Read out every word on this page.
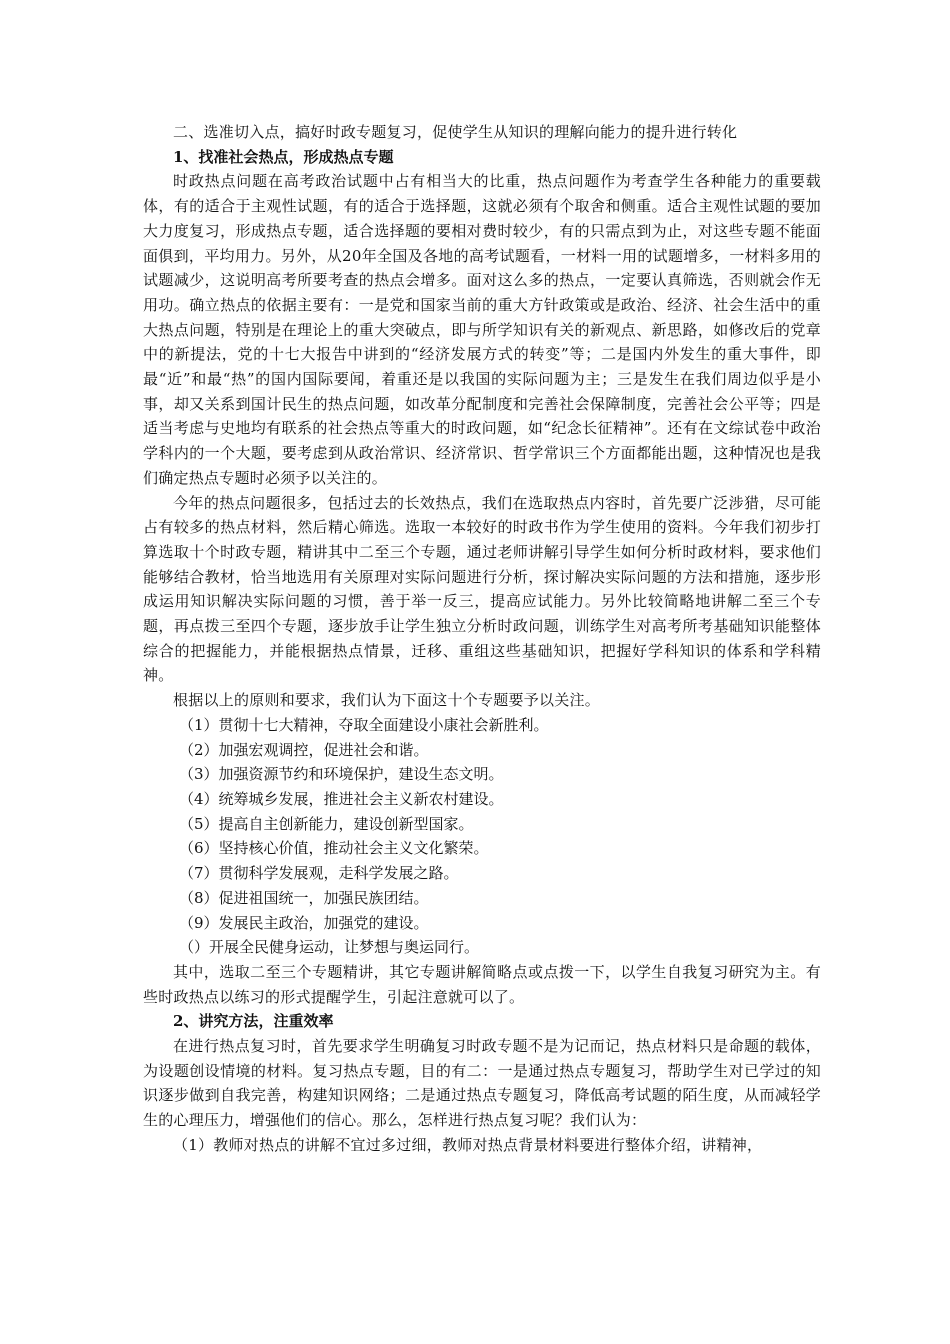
二、选准切入点，搞好时政专题复习，促使学生从知识的理解向能力的提升进行转化

1、找准社会热点，形成热点专题

时政热点问题在高考政治试题中占有相当大的比重，热点问题作为考查学生各种能力的重要载体，有的适合于主观性试题，有的适合于选择题，这就必须有个取舍和侧重。适合主观性试题的要加大力度复习，形成热点专题，适合选择题的要相对费时较少，有的只需点到为止，对这些专题不能面面俱到，平均用力。另外，从20年全国及各地的高考试题看，一材料一用的试题增多，一材料多用的试题减少，这说明高考所要考查的热点会增多。面对这么多的热点，一定要认真筛选，否则就会作无用功。确立热点的依据主要有：一是党和国家当前的重大方针政策或是政治、经济、社会生活中的重大热点问题，特别是在理论上的重大突破点，即与所学知识有关的新观点、新思路，如修改后的党章中的新提法，党的十七大报告中讲到的“经济发展方式的转变”等；二是国内外发生的重大事件，即最“近”和最“热”的国内国际要闻，着重还是以我国的实际问题为主；三是发生在我们周边似乎是小事，却又关系到国计民生的热点问题，如改革分配制度和完善社会保障制度，完善社会公平等；四是适当考虑与史地均有联系的社会热点等重大的时政问题，如“纪念长征精神”。还有在文综试卷中政治学科内的一个大题，要考虑到从政治常识、经济常识、哲学常识三个方面都能出题，这种情况也是我们确定热点专题时必须予以关注的。

今年的热点问题很多，包括过去的长效热点，我们在选取热点内容时，首先要广泛涉猎，尽可能占有较多的热点材料，然后精心筛选。选取一本较好的时政书作为学生使用的资料。今年我们初步打算选取十个时政专题，精讲其中二至三个专题，通过老师讲解引导学生如何分析时政材料，要求他们能够结合教材，恰当地选用有关原理对实际问题进行分析，探讨解决实际问题的方法和措施，逐步形成运用知识解决实际问题的习惯，善于举一反三，提高应试能力。另外比较简略地讲解二至三个专题，再点拨三至四个专题，逐步放手让学生独立分析时政问题，训练学生对高考所考基础知识能整体综合的把握能力，并能根据热点情景，迁移、重组这些基础知识，把握好学科知识的体系和学科精神。

根据以上的原则和要求，我们认为下面这十个专题要予以关注。

（1）贯彻十七大精神，夺取全面建设小康社会新胜利。

（2）加强宏观调控，促进社会和谐。

（3）加强资源节约和环境保护，建设生态文明。

（4）统筹城乡发展，推进社会主义新农村建设。

（5）提高自主创新能力，建设创新型国家。

（6）坚持核心价值，推动社会主义文化繁荣。

（7）贯彻科学发展观，走科学发展之路。

（8）促进祖国统一，加强民族团结。

（9）发展民主政治，加强党的建设。

（）开展全民健身运动，让梦想与奥运同行。

其中，选取二至三个专题精讲，其它专题讲解简略点或点拨一下，以学生自我复习研究为主。有些时政热点以练习的形式提醒学生，引起注意就可以了。

2、讲究方法，注重效率

在进行热点复习时，首先要求学生明确复习时政专题不是为记而记，热点材料只是命题的载体，为设题创设情境的材料。复习热点专题，目的有二：一是通过热点专题复习，帮助学生对已学过的知识逐步做到自我完善，构建知识网络；二是通过热点专题复习，降低高考试题的陌生度，从而减轻学生的心理压力，增强他们的信心。那么，怎样进行热点复习呢？我们认为：

（1）教师对热点的讲解不宜过多过细，教师对热点背景材料要进行整体介绍，讲精神，
